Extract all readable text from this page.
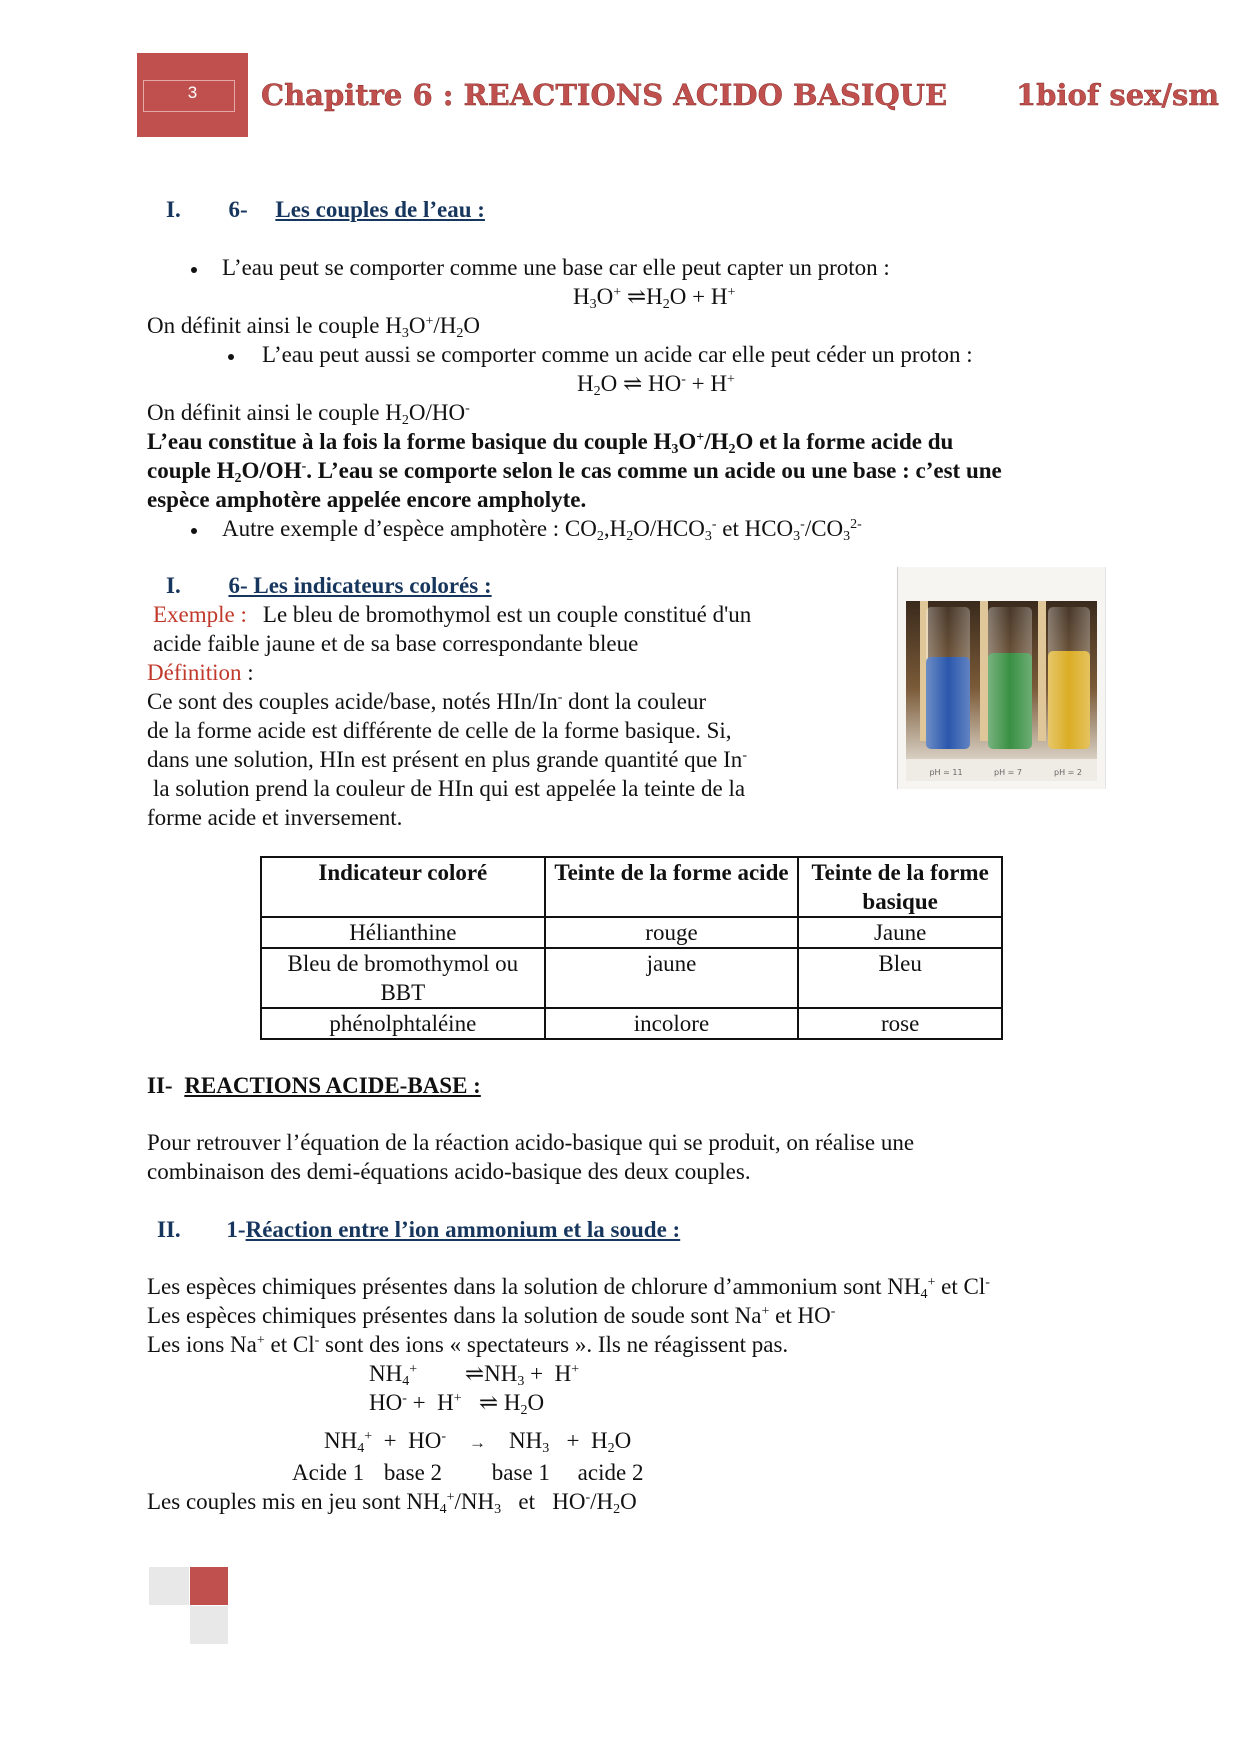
3	Chapitre 6 : REACTIONS ACIDO BASIQUE 1biof sex/sm
I. 6- Les couples de l’eau :
L’eau peut se comporter comme une base car elle peut capter un proton :
$H_3O^+$ $\rightleftharpoons H_2O + H^+$
On définit ainsi le couple $H_3O^+/H_2O$
L’eau peut aussi se comporter comme un acide car elle peut céder un proton :
$H_2O$ ⇌ HO- + H+
On définit ainsi le couple $H_2O/HO^-$
L’eau constitue à la fois la forme basique du couple $H_3O^+/H_2O$ et la forme acide du
couple $H_2O/OH^-$. L’eau se comporte selon le cas comme un acide ou une base : c’est une
espèce amphotère appelée encore ampholyte.
Autre exemple d’espèce amphotère : $CO_2,H_2O/HCO_3^-$ et $HCO_3^-/CO_3^{2-}$
I. 6- Les indicateurs colorés :
Exemple : Le bleu de bromothymol est un couple constitué d'un
acide faible jaune et de sa base correspondante bleue
Définition :
Ce sont des couples acide/base, notés HIn/In- dont la couleur
de la forme acide est différente de celle de la forme basique. Si,
dans une solution, HIn est présent en plus grande quantité que In-
la solution prend la couleur de HIn qui est appelée la teinte de la
forme acide et inversement.
pH = 11	pH = 7	pH = 2
Indicateur coloré	Teinte de la forme acide	Teinte de la forme basique
Hélianthine	rouge	Jaune
Bleu de bromothymol ou BBT	jaune	Bleu
phénolphtaléine	incolore	rose
II- REACTIONS ACIDE-BASE :
Pour retrouver l’équation de la réaction acido-basique qui se produit, on réalise une
combinaison des demi-équations acido-basique des deux couples.
II. 1-Réaction entre l’ion ammonium et la soude :
Les espèces chimiques présentes dans la solution de chlorure d’ammonium sont $NH_4^+$ et Cl-
Les espèces chimiques présentes dans la solution de soude sont Na+ et HO-
Les ions Na+ et Cl- sont des ions « spectateurs ». Ils ne réagissent pas.
$NH_4^+$ $\rightleftharpoons NH_3 + H^+$
HO- +  H+   ⇌ $H_2O$
$NH_4^+ + HO^-$ →    $NH_3 + H_2O$
Acide 1 base 2 base 1 acide 2
Les couples mis en jeu sont $NH_4^+/NH_3$   et   $HO^-/H_2O$
